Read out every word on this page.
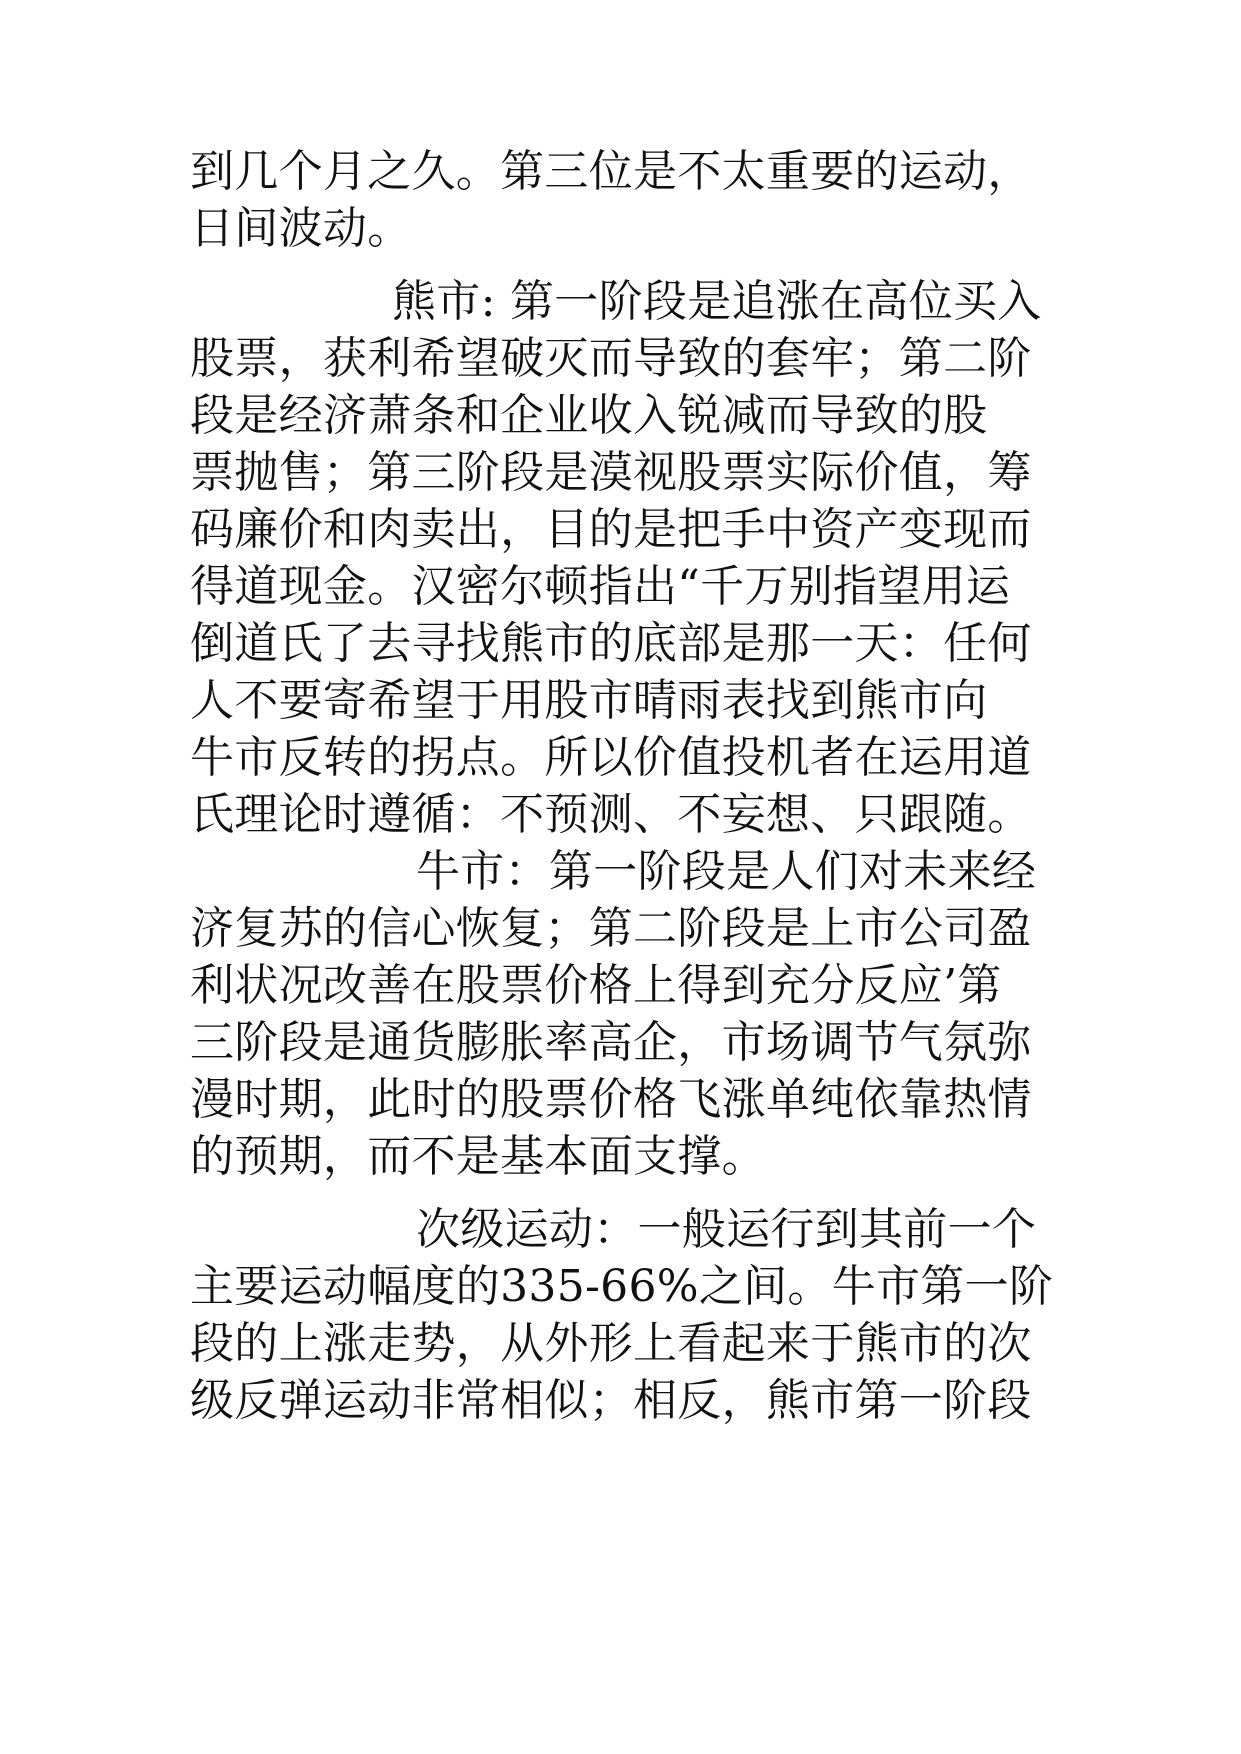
到几个月之久。第三位是不太重要的运动，
日间波动。
熊市: 第一阶段是追涨在高位买入
股票，获利希望破灭而导致的套牢；第二阶
段是经济萧条和企业收入锐减而导致的股
票抛售；第三阶段是漠视股票实际价值，筹
码廉价和肉卖出，目的是把手中资产变现而
得道现金。汉密尔顿指出“千万别指望用运
倒道氏了去寻找熊市的底部是那一天：任何
人不要寄希望于用股市晴雨表找到熊市向
牛市反转的拐点。所以价值投机者在运用道
氏理论时遵循：不预测、不妄想、只跟随。
牛市：第一阶段是人们对未来经
济复苏的信心恢复；第二阶段是上市公司盈
利状况改善在股票价格上得到充分反应’第
三阶段是通货膨胀率高企，市场调节气氛弥
漫时期，此时的股票价格飞涨单纯依靠热情
的预期，而不是基本面支撑。
次级运动：一般运行到其前一个
主要运动幅度的335-66%之间。牛市第一阶
段的上涨走势，从外形上看起来于熊市的次
级反弹运动非常相似；相反，熊市第一阶段
